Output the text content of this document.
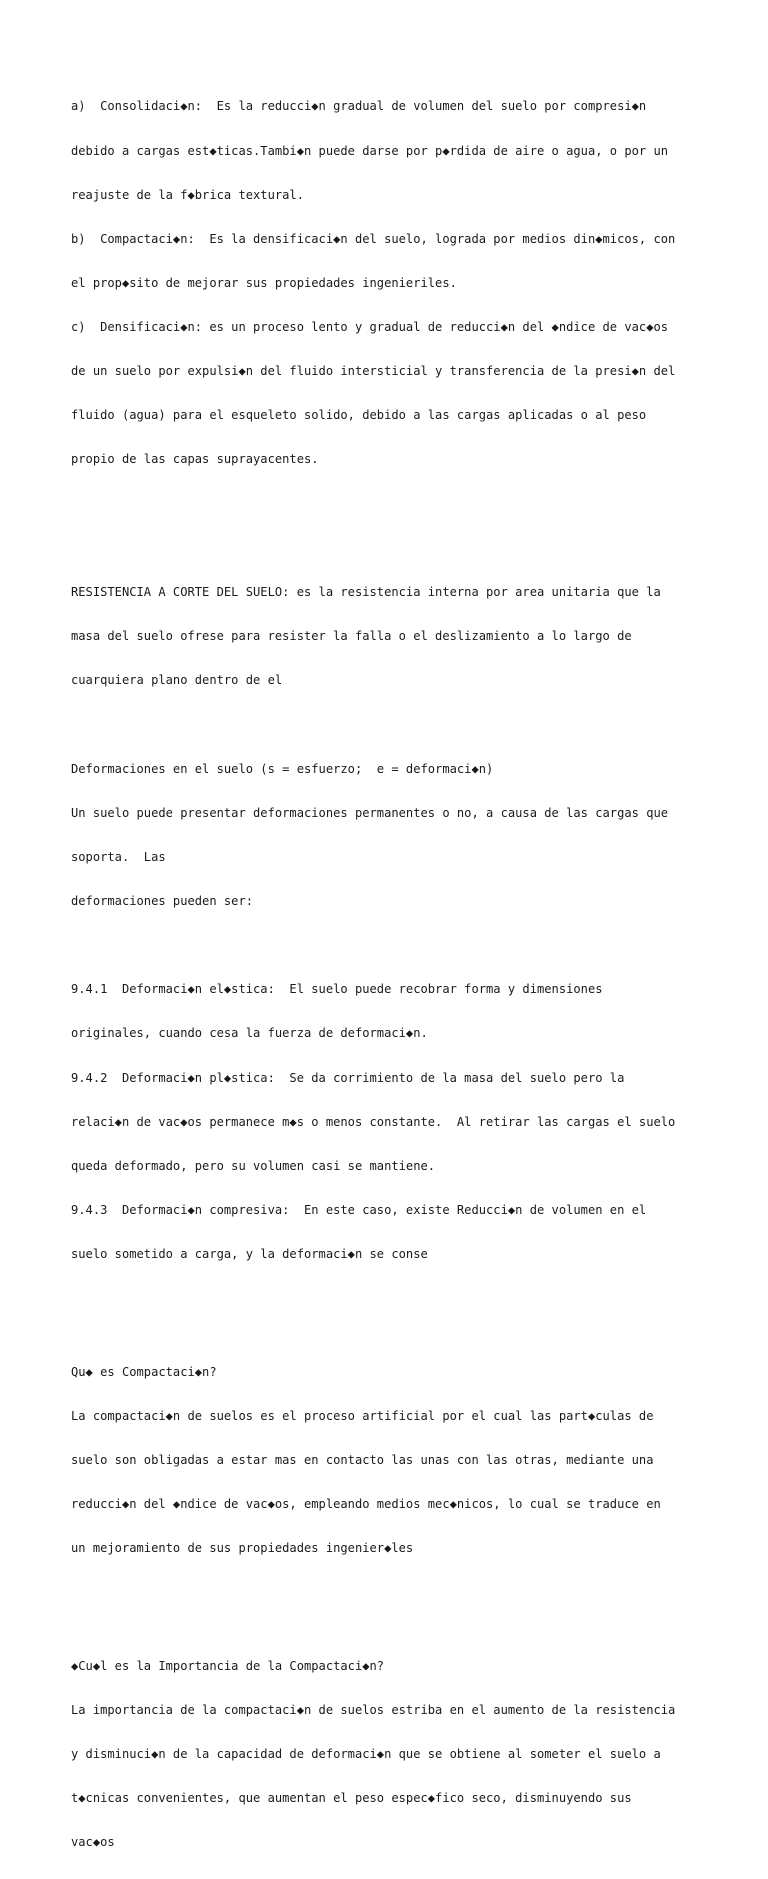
a)  Consolidaci◆n:  Es la reducci◆n gradual de volumen del suelo por compresi◆n

debido a cargas est◆ticas.Tambi◆n puede darse por p◆rdida de aire o agua, o por un

reajuste de la f◆brica textural.

b)  Compactaci◆n:  Es la densificaci◆n del suelo, lograda por medios din◆micos, con

el prop◆sito de mejorar sus propiedades ingenieriles.

c)  Densificaci◆n: es un proceso lento y gradual de reducci◆n del ◆ndice de vac◆os

de un suelo por expulsi◆n del fluido intersticial y transferencia de la presi◆n del

fluido (agua) para el esqueleto solido, debido a las cargas aplicadas o al peso

propio de las capas suprayacentes.

RESISTENCIA A CORTE DEL SUELO: es la resistencia interna por area unitaria que la

masa del suelo ofrese para resister la falla o el deslizamiento a lo largo de

cuarquiera plano dentro de el

Deformaciones en el suelo (s = esfuerzo;  e = deformaci◆n)

Un suelo puede presentar deformaciones permanentes o no, a causa de las cargas que

soporta.  Las

deformaciones pueden ser:

9.4.1  Deformaci◆n el◆stica:  El suelo puede recobrar forma y dimensiones

originales, cuando cesa la fuerza de deformaci◆n.

9.4.2  Deformaci◆n pl◆stica:  Se da corrimiento de la masa del suelo pero la

relaci◆n de vac◆os permanece m◆s o menos constante.  Al retirar las cargas el suelo

queda deformado, pero su volumen casi se mantiene.

9.4.3  Deformaci◆n compresiva:  En este caso, existe Reducci◆n de volumen en el

suelo sometido a carga, y la deformaci◆n se conse

Qu◆ es Compactaci◆n?

La compactaci◆n de suelos es el proceso artificial por el cual las part◆culas de

suelo son obligadas a estar mas en contacto las unas con las otras, mediante una

reducci◆n del ◆ndice de vac◆os, empleando medios mec◆nicos, lo cual se traduce en

un mejoramiento de sus propiedades ingenier◆les

◆Cu◆l es la Importancia de la Compactaci◆n?

La importancia de la compactaci◆n de suelos estriba en el aumento de la resistencia

y disminuci◆n de la capacidad de deformaci◆n que se obtiene al someter el suelo a

t◆cnicas convenientes, que aumentan el peso espec◆fico seco, disminuyendo sus

vac◆os
